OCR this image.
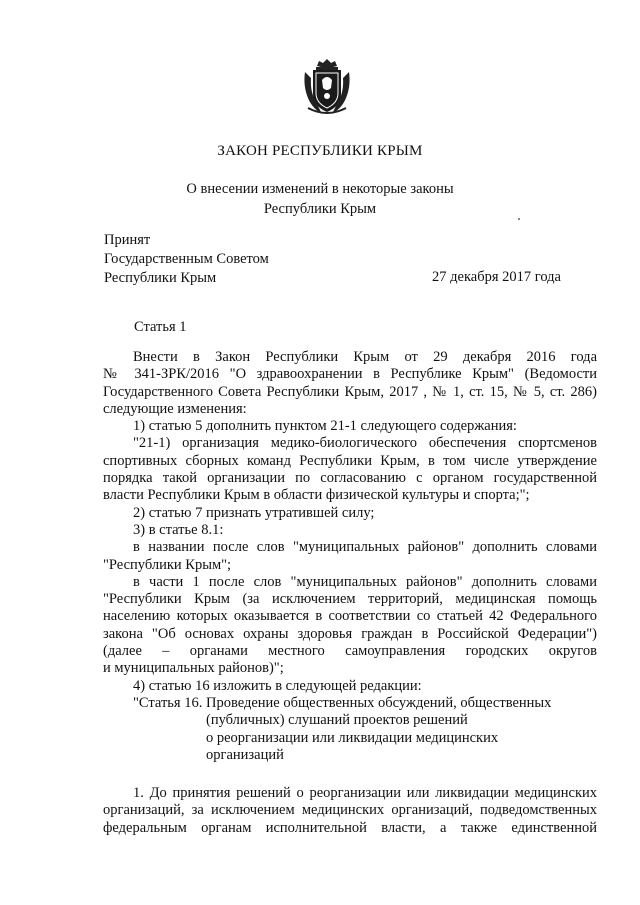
ЗАКОН РЕСПУБЛИКИ КРЫМ
О внесении изменений в некоторые законы
Республики Крым
Принят
Государственным Советом
Республики Крым	27 декабря 2017 года
Статья 1

Внести в Закон Республики Крым от 29 декабря 2016 года

№ 341-ЗРК/2016 "О здравоохранении в Республике Крым" (Ведомости

Государственного Совета Республики Крым, 2017 , № 1, ст. 15, № 5, ст. 286)

следующие изменения:

1) статью 5 дополнить пунктом 21-1 следующего содержания:

"21-1) организация медико-биологического обеспечения спортсменов

спортивных сборных команд Республики Крым, в том числе утверждение

порядка такой организации по согласованию с органом государственной

власти Республики Крым в области физической культуры и спорта;";

2) статью 7 признать утратившей силу;

3) в статье 8.1:

в названии после слов "муниципальных районов" дополнить словами

"Республики Крым";

в части 1 после слов "муниципальных районов" дополнить словами

"Республики Крым (за исключением территорий, медицинская помощь

населению которых оказывается в соответствии со статьей 42 Федерального

закона "Об основах охраны здоровья граждан в Российской Федерации")

(далее – органами местного самоуправления городских округов

и муниципальных районов)";

4) статью 16 изложить в следующей редакции:

"Статья 16. Проведение общественных обсуждений, общественных

(публичных) слушаний проектов решений

о реорганизации или ликвидации медицинских

организаций

1. До принятия решений о реорганизации или ликвидации медицинских

организаций, за исключением медицинских организаций, подведомственных

федеральным органам исполнительной власти, а также единственной
